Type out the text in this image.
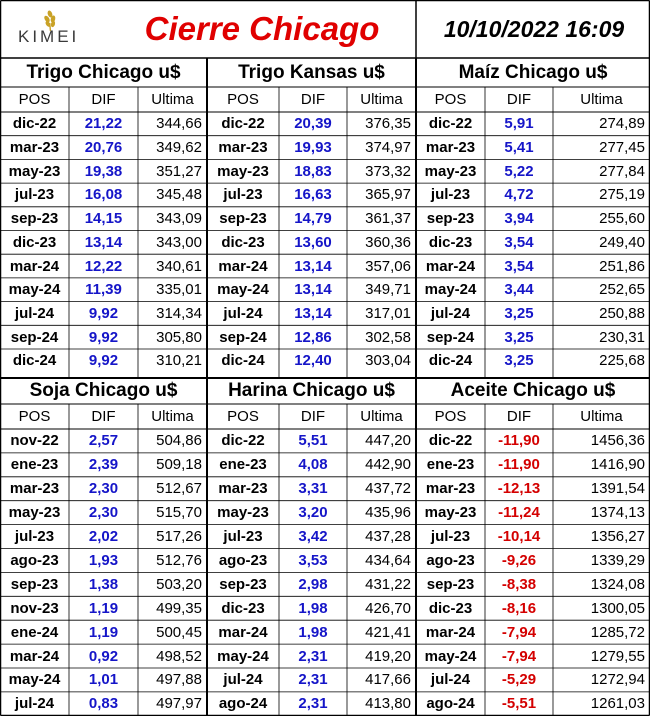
KIMEI	Cierre Chicago	10/10/2022 16:09
Trigo Chicago u$
POS	DIF	Ultima
dic-22	21,22	344,66
mar-23	20,76	349,62
may-23	19,38	351,27
jul-23	16,08	345,48
sep-23	14,15	343,09
dic-23	13,14	343,00
mar-24	12,22	340,61
may-24	11,39	335,01
jul-24	9,92	314,34
sep-24	9,92	305,80
dic-24	9,92	310,21
Trigo Kansas u$
POS	DIF	Ultima
dic-22	20,39	376,35
mar-23	19,93	374,97
may-23	18,83	373,32
jul-23	16,63	365,97
sep-23	14,79	361,37
dic-23	13,60	360,36
mar-24	13,14	357,06
may-24	13,14	349,71
jul-24	13,14	317,01
sep-24	12,86	302,58
dic-24	12,40	303,04
Maíz Chicago u$
POS	DIF	Ultima
dic-22	5,91	274,89
mar-23	5,41	277,45
may-23	5,22	277,84
jul-23	4,72	275,19
sep-23	3,94	255,60
dic-23	3,54	249,40
mar-24	3,54	251,86
may-24	3,44	252,65
jul-24	3,25	250,88
sep-24	3,25	230,31
dic-24	3,25	225,68
Soja Chicago u$
POS	DIF	Ultima
nov-22	2,57	504,86
ene-23	2,39	509,18
mar-23	2,30	512,67
may-23	2,30	515,70
jul-23	2,02	517,26
ago-23	1,93	512,76
sep-23	1,38	503,20
nov-23	1,19	499,35
ene-24	1,19	500,45
mar-24	0,92	498,52
may-24	1,01	497,88
jul-24	0,83	497,97
Harina Chicago u$
POS	DIF	Ultima
dic-22	5,51	447,20
ene-23	4,08	442,90
mar-23	3,31	437,72
may-23	3,20	435,96
jul-23	3,42	437,28
ago-23	3,53	434,64
sep-23	2,98	431,22
dic-23	1,98	426,70
mar-24	1,98	421,41
may-24	2,31	419,20
jul-24	2,31	417,66
ago-24	2,31	413,80
Aceite Chicago u$
POS	DIF	Ultima
dic-22	-11,90	1456,36
ene-23	-11,90	1416,90
mar-23	-12,13	1391,54
may-23	-11,24	1374,13
jul-23	-10,14	1356,27
ago-23	-9,26	1339,29
sep-23	-8,38	1324,08
dic-23	-8,16	1300,05
mar-24	-7,94	1285,72
may-24	-7,94	1279,55
jul-24	-5,29	1272,94
ago-24	-5,51	1261,03
